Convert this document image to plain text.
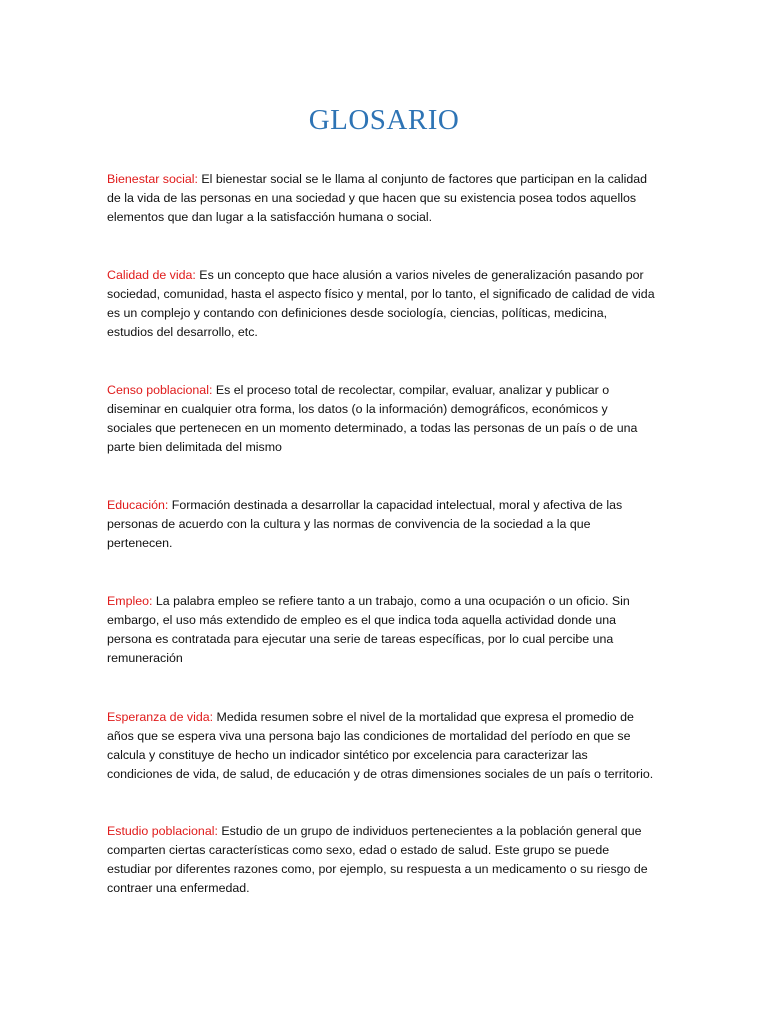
GLOSARIO

Bienestar social: El bienestar social se le llama al conjunto de factores que participan en la calidad de la vida de las personas en una sociedad y que hacen que su existencia posea todos aquellos elementos que dan lugar a la satisfacción humana o social.

Calidad de vida: Es un concepto que hace alusión a varios niveles de generalización pasando por sociedad, comunidad, hasta el aspecto físico y mental, por lo tanto, el significado de calidad de vida es un complejo y contando con definiciones desde sociología, ciencias, políticas, medicina, estudios del desarrollo, etc.

Censo poblacional: Es el proceso total de recolectar, compilar, evaluar, analizar y publicar o diseminar en cualquier otra forma, los datos (o la información) demográficos, económicos y sociales que pertenecen en un momento determinado, a todas las personas de un país o de una parte bien delimitada del mismo

Educación: Formación destinada a desarrollar la capacidad intelectual, moral y afectiva de las personas de acuerdo con la cultura y las normas de convivencia de la sociedad a la que pertenecen.

Empleo: La palabra empleo se refiere tanto a un trabajo, como a una ocupación o un oficio. Sin embargo, el uso más extendido de empleo es el que indica toda aquella actividad donde una persona es contratada para ejecutar una serie de tareas específicas, por lo cual percibe una remuneración

Esperanza de vida: Medida resumen sobre el nivel de la mortalidad que expresa el promedio de años que se espera viva una persona bajo las condiciones de mortalidad del período en que se calcula y constituye de hecho un indicador sintético por excelencia para caracterizar las condiciones de vida, de salud, de educación y de otras dimensiones sociales de un país o territorio.

Estudio poblacional: Estudio de un grupo de individuos pertenecientes a la población general que comparten ciertas características como sexo, edad o estado de salud. Este grupo se puede estudiar por diferentes razones como, por ejemplo, su respuesta a un medicamento o su riesgo de contraer una enfermedad.
